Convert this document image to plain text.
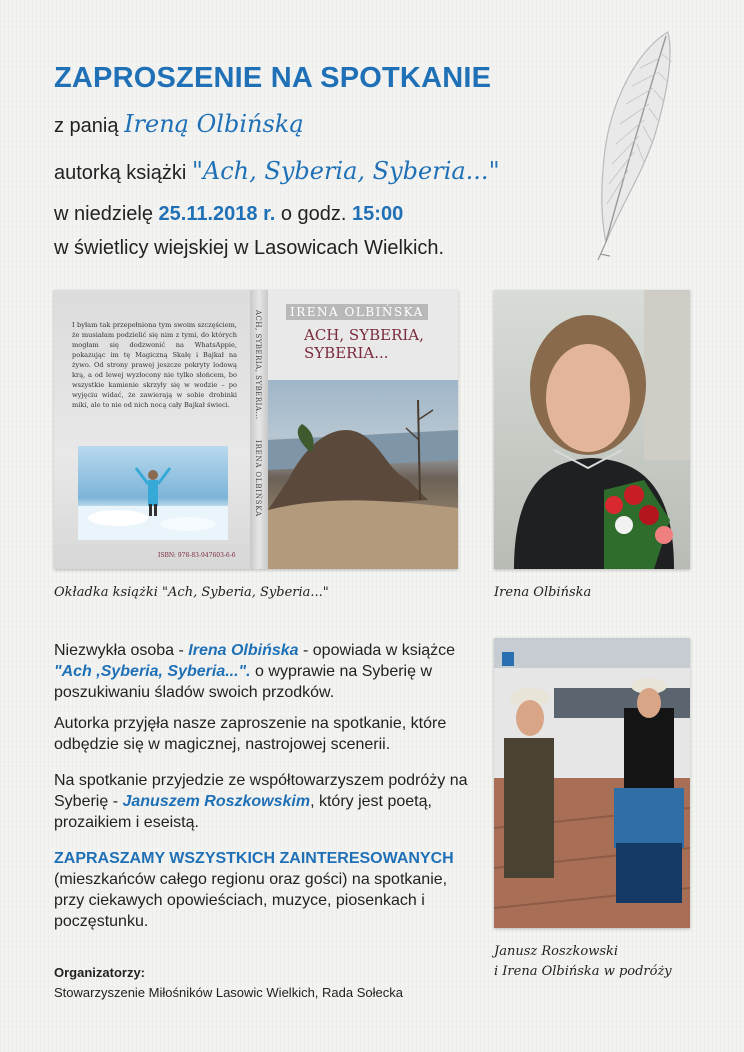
ZAPROSZENIE NA SPOTKANIE
z panią Ireną Olbińską
autorką książki "Ach, Syberia, Syberia..."
w niedzielę 25.11.2018 r. o godz. 15:00
w świetlicy wiejskiej w Lasowicach Wielkich.
I byłam tak przepełniona tym swoim szczęściem, że musiałam podzielić się nim z tymi, do których mogłam się dodzwonić na WhatsAppie, pokazując im tę Magiczną Skałę i Bajkał na żywo. Od strony prawej jeszcze pokryty lodową krą, a od lewej wyzłocony nie tylko słońcem, bo wszystkie kamienie skrzyły się w wodzie – po wyjęciu widać, że zawierają w sobie drobinki miki, ale to nie od nich nocą cały Bajkał świeci.
ISBN: 978-83-947603-6-6
ACH, SYBERIA, SYBERIA...
IRENA OLBIŃSKA
IRENA OLBIŃSKA
ACH, SYBERIA, SYBERIA...
Okładka książki "Ach, Syberia, Syberia..."	Irena Olbińska
Janusz Roszkowski
i Irena Olbińska w podróży
Niezwykła osoba - Irena Olbińska - opowiada w książce "Ach ,Syberia, Syberia...". o wyprawie na Syberię w poszukiwaniu śladów swoich przodków.
Autorka przyjęła nasze zaproszenie na spotkanie, które odbędzie się w magicznej, nastrojowej scenerii.
Na spotkanie przyjedzie ze współtowarzyszem podróży na Syberię - Januszem Roszkowskim, który jest poetą, prozaikiem i eseistą.
ZAPRASZAMY WSZYSTKICH ZAINTERESOWANYCH
(mieszkańców całego regionu oraz gości) na spotkanie, przy ciekawych opowieściach, muzyce, piosenkach i poczęstunku.
Organizatorzy:
Stowarzyszenie Miłośników Lasowic Wielkich, Rada Sołecka
